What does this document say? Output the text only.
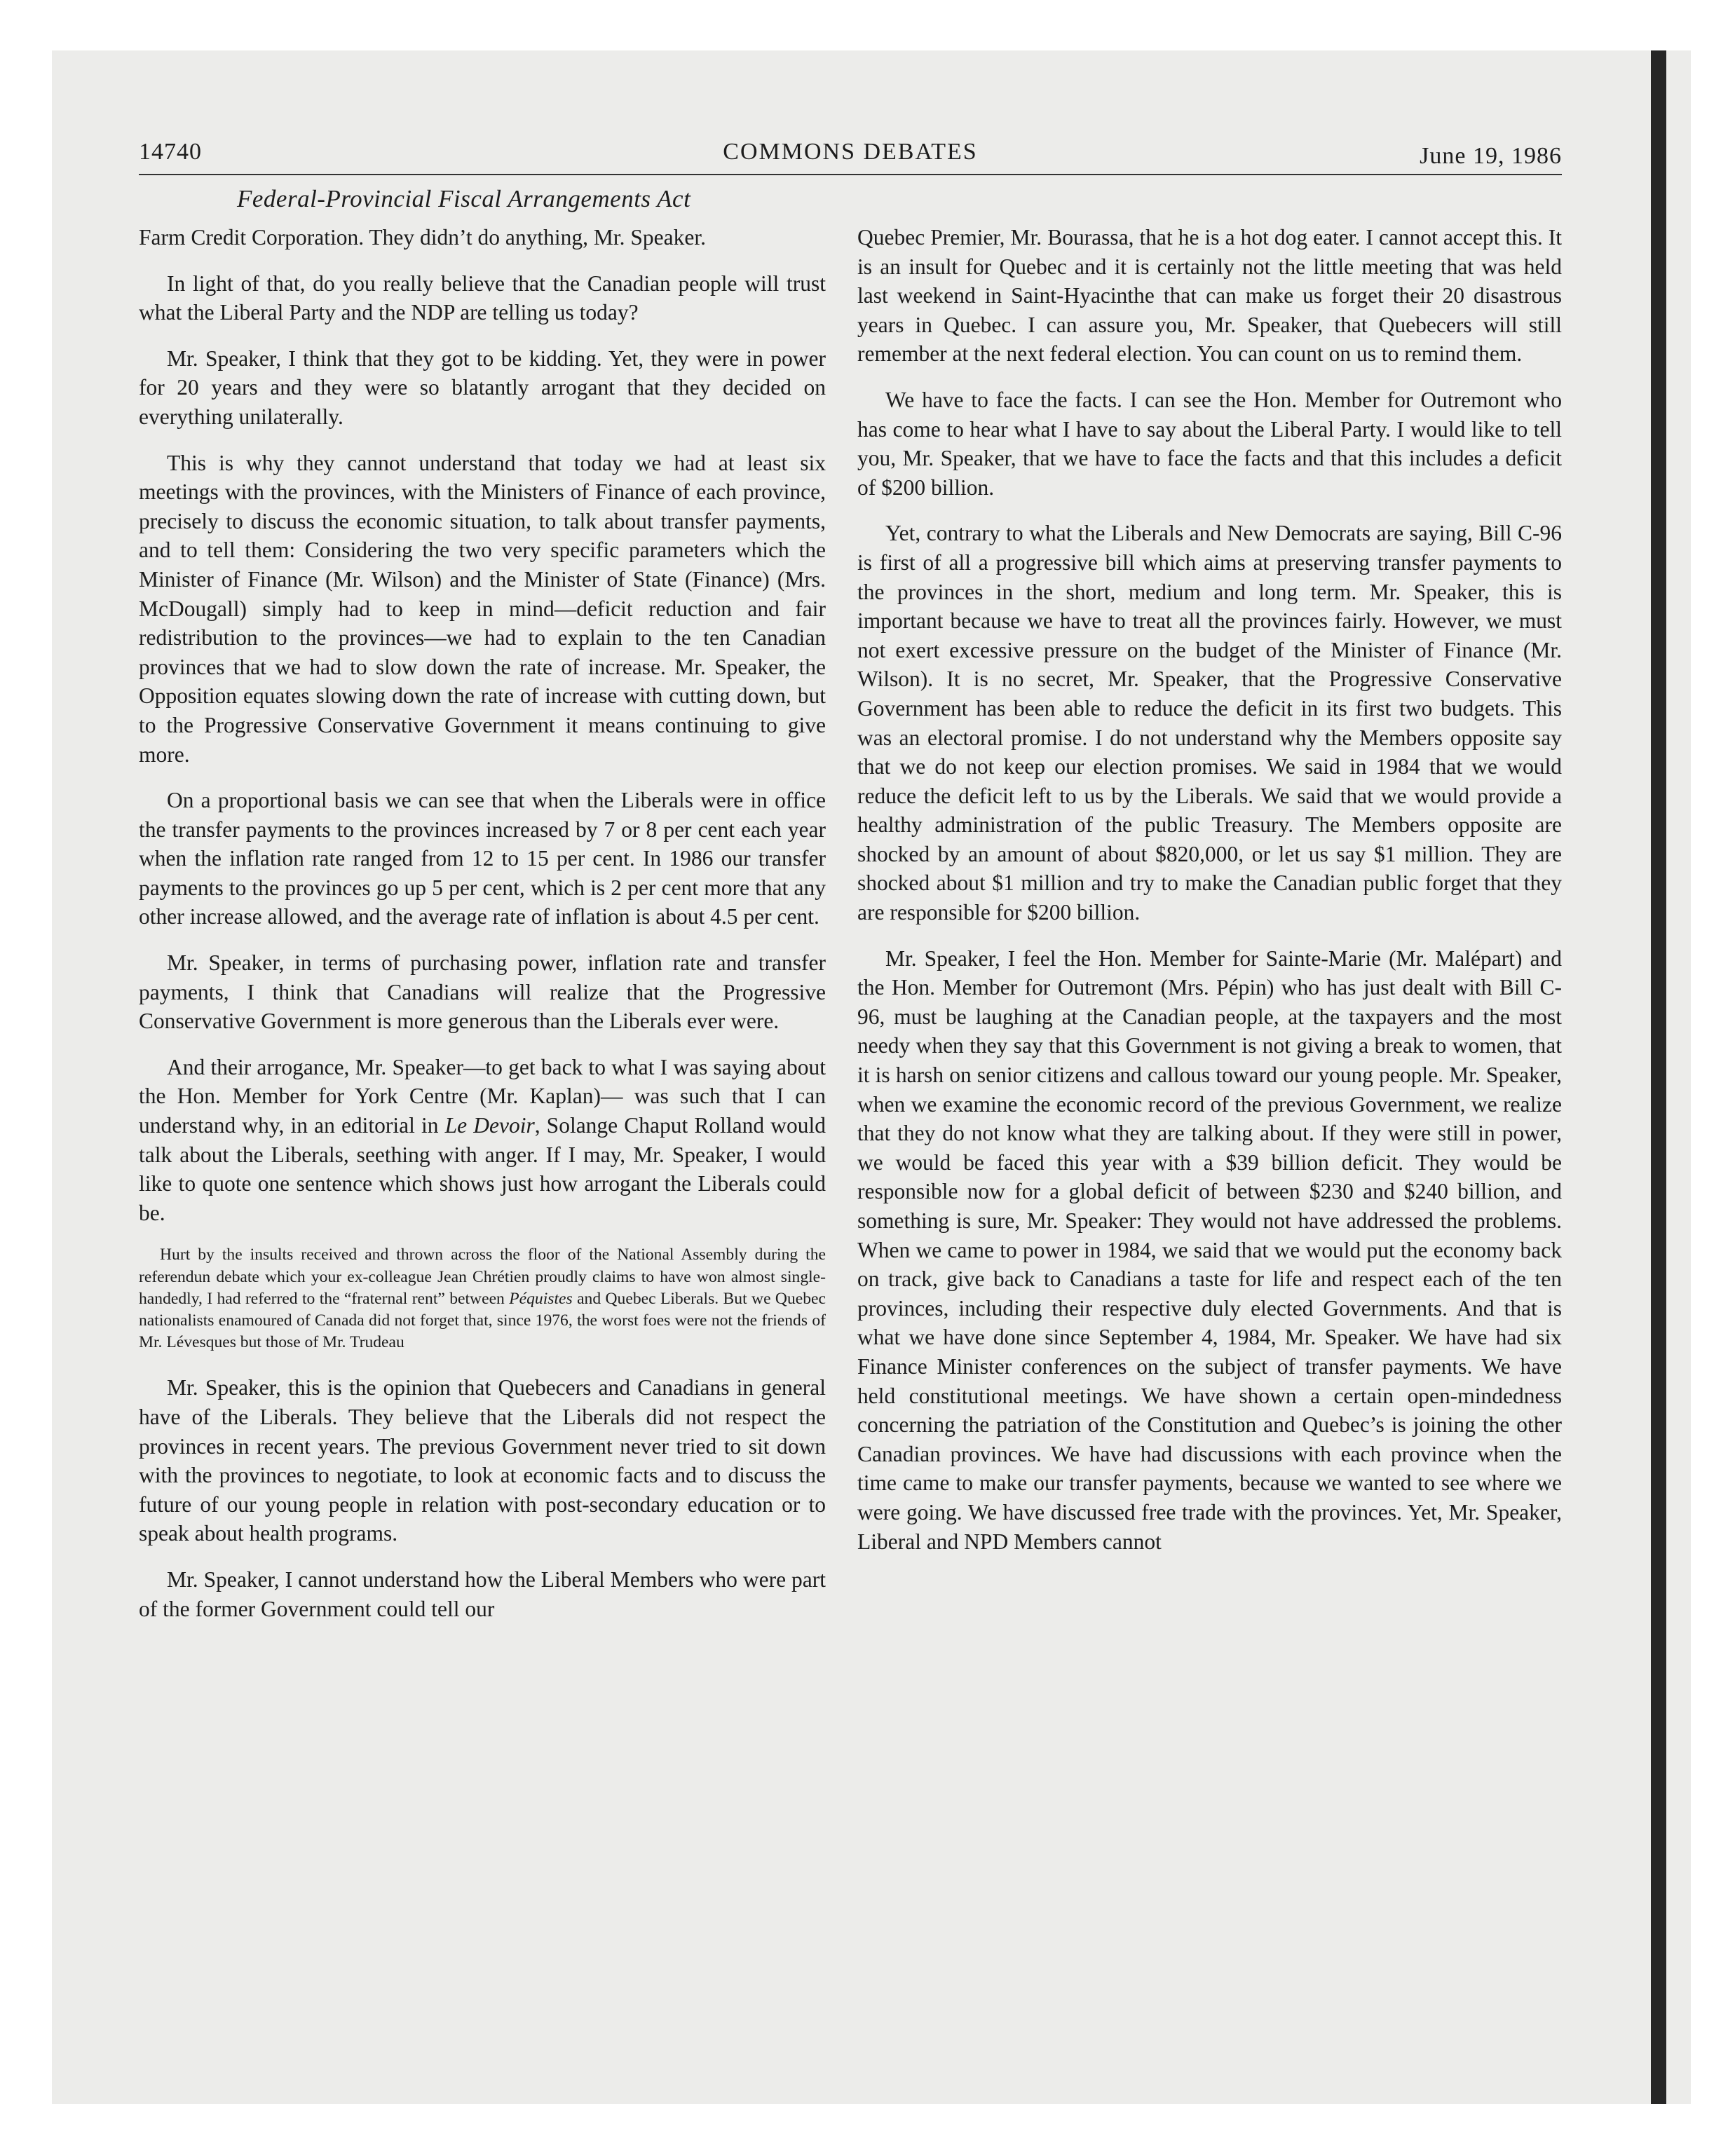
14740	COMMONS DEBATES	June 19, 1986
Federal-Provincial Fiscal Arrangements Act

Farm Credit Corporation. They didn’t do anything, Mr. Speaker.

In light of that, do you really believe that the Canadian people will trust what the Liberal Party and the NDP are telling us today?

Mr. Speaker, I think that they got to be kidding. Yet, they were in power for 20 years and they were so blatantly arrogant that they decided on everything unilaterally.

This is why they cannot understand that today we had at least six meetings with the provinces, with the Ministers of Finance of each province, precisely to discuss the economic situation, to talk about transfer payments, and to tell them: Considering the two very specific parameters which the Minister of Finance (Mr. Wilson) and the Minister of State (Finance) (Mrs. McDougall) simply had to keep in mind—deficit reduction and fair redistribution to the provinces—we had to explain to the ten Canadian provinces that we had to slow down the rate of increase. Mr. Speaker, the Opposition equates slowing down the rate of increase with cutting down, but to the Progressive Conservative Government it means continuing to give more.

On a proportional basis we can see that when the Liberals were in office the transfer payments to the provinces increased by 7 or 8 per cent each year when the inflation rate ranged from 12 to 15 per cent. In 1986 our transfer payments to the provinces go up 5 per cent, which is 2 per cent more that any other increase allowed, and the average rate of inflation is about 4.5 per cent.

Mr. Speaker, in terms of purchasing power, inflation rate and transfer payments, I think that Canadians will realize that the Progressive Conservative Government is more generous than the Liberals ever were.

And their arrogance, Mr. Speaker—to get back to what I was saying about the Hon. Member for York Centre (Mr. Kaplan)— was such that I can understand why, in an editorial in Le Devoir, Solange Chaput Rolland would talk about the Liberals, seething with anger. If I may, Mr. Speaker, I would like to quote one sentence which shows just how arrogant the Liberals could be.

Hurt by the insults received and thrown across the floor of the National Assembly during the referendun debate which your ex-colleague Jean Chrétien proudly claims to have won almost single-handedly, I had referred to the “fraternal rent” between Péquistes and Quebec Liberals. But we Quebec nationalists enamoured of Canada did not forget that, since 1976, the worst foes were not the friends of Mr. Lévesques but those of Mr. Trudeau

Mr. Speaker, this is the opinion that Quebecers and Canadians in general have of the Liberals. They believe that the Liberals did not respect the provinces in recent years. The previous Government never tried to sit down with the provinces to negotiate, to look at economic facts and to discuss the future of our young people in relation with post-secondary education or to speak about health programs.

Mr. Speaker, I cannot understand how the Liberal Members who were part of the former Government could tell our

Quebec Premier, Mr. Bourassa, that he is a hot dog eater. I cannot accept this. It is an insult for Quebec and it is certainly not the little meeting that was held last weekend in Saint-Hyacinthe that can make us forget their 20 disastrous years in Quebec. I can assure you, Mr. Speaker, that Quebecers will still remember at the next federal election. You can count on us to remind them.

We have to face the facts. I can see the Hon. Member for Outremont who has come to hear what I have to say about the Liberal Party. I would like to tell you, Mr. Speaker, that we have to face the facts and that this includes a deficit of $200 billion.

Yet, contrary to what the Liberals and New Democrats are saying, Bill C-96 is first of all a progressive bill which aims at preserving transfer payments to the provinces in the short, medium and long term. Mr. Speaker, this is important because we have to treat all the provinces fairly. However, we must not exert excessive pressure on the budget of the Minister of Finance (Mr. Wilson). It is no secret, Mr. Speaker, that the Progressive Conservative Government has been able to reduce the deficit in its first two budgets. This was an electoral promise. I do not understand why the Members opposite say that we do not keep our election promises. We said in 1984 that we would reduce the deficit left to us by the Liberals. We said that we would provide a healthy administration of the public Treasury. The Members opposite are shocked by an amount of about $820,000, or let us say $1 million. They are shocked about $1 million and try to make the Canadian public forget that they are responsible for $200 billion.

Mr. Speaker, I feel the Hon. Member for Sainte-Marie (Mr. Malépart) and the Hon. Member for Outremont (Mrs. Pépin) who has just dealt with Bill C-96, must be laughing at the Canadian people, at the taxpayers and the most needy when they say that this Government is not giving a break to women, that it is harsh on senior citizens and callous toward our young people. Mr. Speaker, when we examine the economic record of the previous Government, we realize that they do not know what they are talking about. If they were still in power, we would be faced this year with a $39 billion deficit. They would be responsible now for a global deficit of between $230 and $240 billion, and something is sure, Mr. Speaker: They would not have addressed the problems. When we came to power in 1984, we said that we would put the economy back on track, give back to Canadians a taste for life and respect each of the ten provinces, including their respective duly elected Governments. And that is what we have done since September 4, 1984, Mr. Speaker. We have had six Finance Minister conferences on the subject of transfer payments. We have held constitutional meetings. We have shown a certain open-mindedness concerning the patriation of the Constitution and Quebec’s is joining the other Canadian provinces. We have had discussions with each province when the time came to make our transfer payments, because we wanted to see where we were going. We have discussed free trade with the provinces. Yet, Mr. Speaker, Liberal and NPD Members cannot
